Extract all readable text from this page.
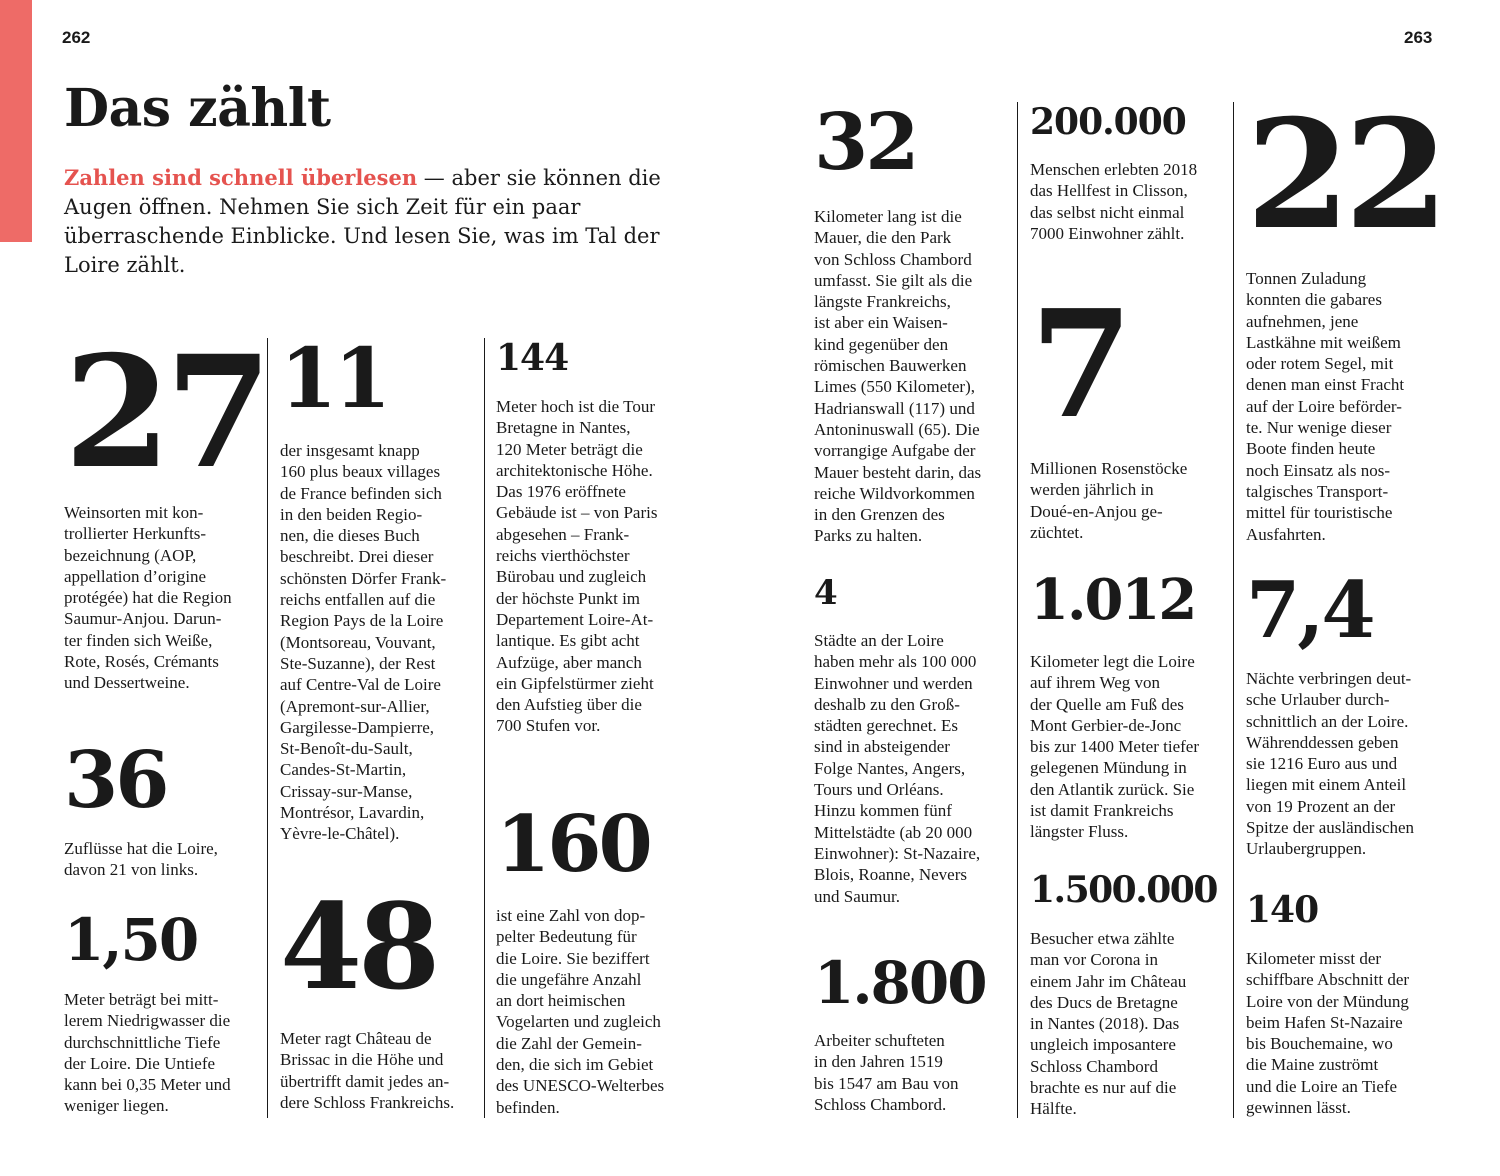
262	263
Das zählt
Zahlen sind schnell überlesen — aber sie können die Augen öffnen. Nehmen Sie sich Zeit für ein paar überraschende Einblicke. Und lesen Sie, was im Tal der Loire zählt.
27
Weinsorten mit kon-
trollierter Herkunfts-
bezeichnung (AOP,
appellation d’origine
protégée) hat die Region
Saumur-Anjou. Darun-
ter finden sich Weiße,
Rote, Rosés, Crémants
und Dessertweine.
36
Zuflüsse hat die Loire,
davon 21 von links.
1,50
Meter beträgt bei mitt-
lerem Niedrigwasser die
durchschnittliche Tiefe
der Loire. Die Untiefe
kann bei 0,35 Meter und
weniger liegen.
11
der insgesamt knapp
160 plus beaux villages
de France befinden sich
in den beiden Regio-
nen, die dieses Buch
beschreibt. Drei dieser
schönsten Dörfer Frank-
reichs entfallen auf die
Region Pays de la Loire
(Montsoreau, Vouvant,
Ste-Suzanne), der Rest
auf Centre-Val de Loire
(Apremont-sur-Allier,
Gargilesse-Dampierre,
St-Benoît-du-Sault,
Candes-St-Martin,
Crissay-sur-Manse,
Montrésor, Lavardin,
Yèvre-le-Châtel).
48
Meter ragt Château de
Brissac in die Höhe und
übertrifft damit jedes an-
dere Schloss Frankreichs.
144
Meter hoch ist die Tour
Bretagne in Nantes,
120 Meter beträgt die
architektonische Höhe.
Das 1976 eröffnete
Gebäude ist – von Paris
abgesehen – Frank-
reichs vierthöchster
Bürobau und zugleich
der höchste Punkt im
Departement Loire-At-
lantique. Es gibt acht
Aufzüge, aber manch
ein Gipfelstürmer zieht
den Aufstieg über die
700 Stufen vor.
160
ist eine Zahl von dop-
pelter Bedeutung für
die Loire. Sie beziffert
die ungefähre Anzahl
an dort heimischen
Vogelarten und zugleich
die Zahl der Gemein-
den, die sich im Gebiet
des UNESCO-Welterbes
befinden.
32
Kilometer lang ist die
Mauer, die den Park
von Schloss Chambord
umfasst. Sie gilt als die
längste Frankreichs,
ist aber ein Waisen-
kind gegenüber den
römischen Bauwerken
Limes (550 Kilometer),
Hadrianswall (117) und
Antoninuswall (65). Die
vorrangige Aufgabe der
Mauer besteht darin, das
reiche Wildvorkommen
in den Grenzen des
Parks zu halten.
4
Städte an der Loire
haben mehr als 100 000
Einwohner und werden
deshalb zu den Groß-
städten gerechnet. Es
sind in absteigender
Folge Nantes, Angers,
Tours und Orléans.
Hinzu kommen fünf
Mittelstädte (ab 20 000
Einwohner): St-Nazaire,
Blois, Roanne, Nevers
und Saumur.
1.800
Arbeiter schufteten
in den Jahren 1519
bis 1547 am Bau von
Schloss Chambord.
200.000
Menschen erlebten 2018
das Hellfest in Clisson,
das selbst nicht einmal
7000 Einwohner zählt.
7
Millionen Rosenstöcke
werden jährlich in
Doué-en-Anjou ge-
züchtet.
1.012
Kilometer legt die Loire
auf ihrem Weg von
der Quelle am Fuß des
Mont Gerbier-de-Jonc
bis zur 1400 Meter tiefer
gelegenen Mündung in
den Atlantik zurück. Sie
ist damit Frankreichs
längster Fluss.
1.500.000
Besucher etwa zählte
man vor Corona in
einem Jahr im Château
des Ducs de Bretagne
in Nantes (2018). Das
ungleich imposantere
Schloss Chambord
brachte es nur auf die
Hälfte.
22
Tonnen Zuladung
konnten die gabares
aufnehmen, jene
Lastkähne mit weißem
oder rotem Segel, mit
denen man einst Fracht
auf der Loire beförder-
te. Nur wenige dieser
Boote finden heute
noch Einsatz als nos-
talgisches Transport-
mittel für touristische
Ausfahrten.
7,4
Nächte verbringen deut-
sche Urlauber durch-
schnittlich an der Loire.
Währenddessen geben
sie 1216 Euro aus und
liegen mit einem Anteil
von 19 Prozent an der
Spitze der ausländischen
Urlaubergruppen.
140
Kilometer misst der
schiffbare Abschnitt der
Loire von der Mündung
beim Hafen St-Nazaire
bis Bouchemaine, wo
die Maine zuströmt
und die Loire an Tiefe
gewinnen lässt.
